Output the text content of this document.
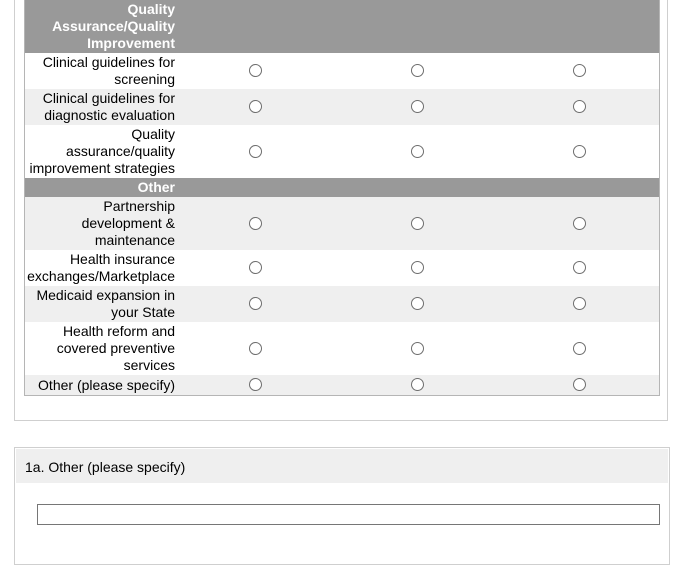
Quality Assurance/Quality Improvement
Clinical guidelines for screening
Clinical guidelines for diagnostic evaluation
Quality assurance/quality improvement strategies
Other
Partnership development & maintenance
Health insurance exchanges/Marketplace
Medicaid expansion in your State
Health reform and covered preventive services
Other (please specify)
1a. Other (please specify)
